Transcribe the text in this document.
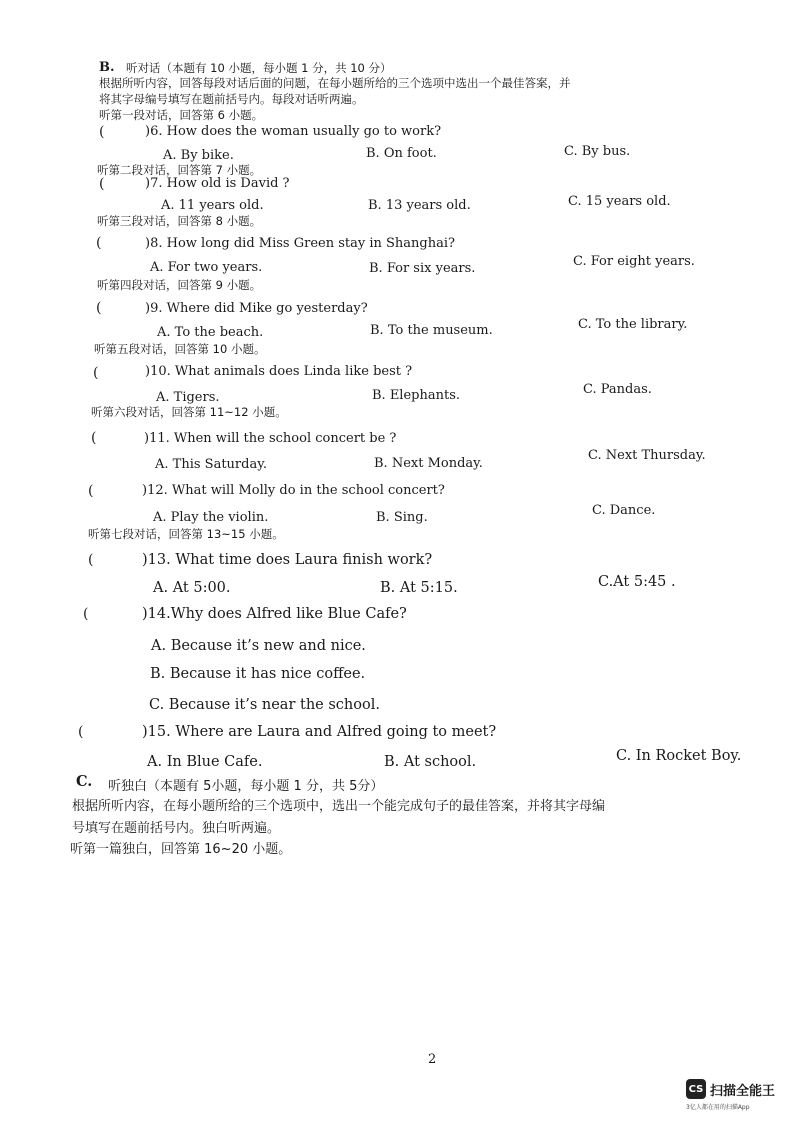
B. 听对话（本题有 10 小题，每小题 1 分，共 10 分）
根据所听内容，回答每段对话后面的问题，在每小题所给的三个选项中选出一个最佳答案，并
将其字母编号填写在题前括号内。每段对话听两遍。
听第一段对话，回答第 6 小题。
(	)6. How does the woman usually go to work?
A. By bike.	B. On foot.	C. By bus.
听第二段对话，回答第 7 小题。
(	)7. How old is David ?
A. 11 years old.	B. 13 years old.	C. 15 years old.
听第三段对话，回答第 8 小题。
(	)8. How long did Miss Green stay in Shanghai?
A. For two years.	B. For six years.	C. For eight years.
听第四段对话，回答第 9 小题。
(	)9. Where did Mike go yesterday?
A. To the beach.	B. To the museum.	C. To the library.
听第五段对话，回答第 10 小题。
(	)10. What animals does Linda like best ?
A. Tigers.	B. Elephants.	C. Pandas.
听第六段对话，回答第 11~12 小题。
(	)11. When will the school concert be ?
A. This Saturday.	B. Next Monday.
C. Next Thursday.
(	)12. What will Molly do in the school concert?
A. Play the violin.	B. Sing.	C. Dance.
听第七段对话，回答第 13~15 小题。
(	)13. What time does Laura finish work?
A. At 5:00.	B. At 5:15.	C.At 5:45 .
(	)14.Why does Alfred like Blue Cafe?
A. Because it’s new and nice.
B. Because it has nice coffee.
C. Because it’s near the school.
(	)15. Where are Laura and Alfred going to meet?
A. In Blue Cafe.	B. At school.	C. In Rocket Boy.
C. 听独白（本题有 5小题，每小题 1 分，共 5分）
根据所听内容，在每小题所给的三个选项中，选出一个能完成句子的最佳答案，并将其字母编
号填写在题前括号内。独白听两遍。
听第一篇独白，回答第 16~20 小题。
2
CS 扫描全能王
3亿人都在用的扫描App
